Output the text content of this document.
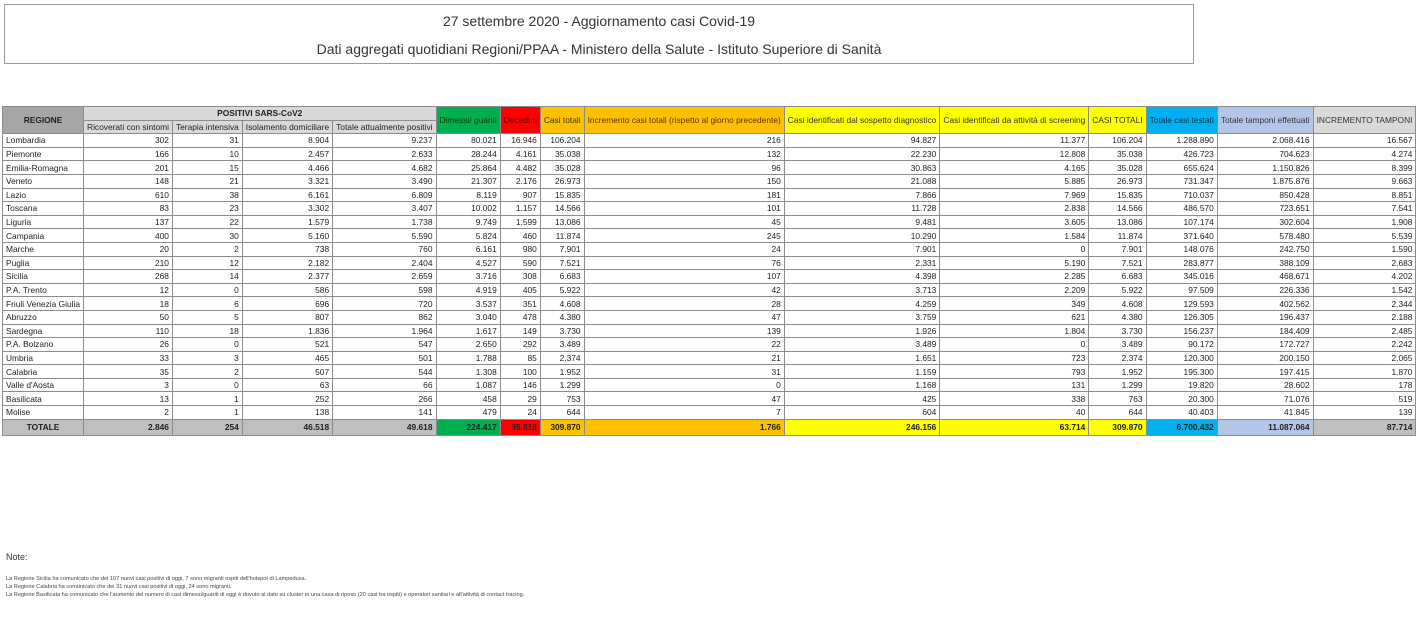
27 settembre 2020 - Aggiornamento casi Covid-19
Dati aggregati quotidiani Regioni/PPAA - Ministero della Salute - Istituto Superiore di Sanità
REGIONE	POSITIVI SARS-CoV2				Dimessi/ guariti	Deceduti	Casi totali	Incremento casi totali (rispetto al giorno precedente)	Casi identificati dal sospetto diagnostico	Casi identificati da attività di screening	CASI TOTALI	Totale casi testati	Totale tamponi effettuati	INCREMENTO TAMPONI
	Ricoverati con sintomi	Terapia intensiva	Isolamento domiciliare	Totale attualmente positivi										
Lombardia	302	31	8.904	9.237	80.021	16.946	106.204	216	94.827	11.377	106.204	1.288.890	2.068.416	16.567
Piemonte	166	10	2.457	2.633	28.244	4.161	35.038	132	22.230	12.808	35.038	426.723	704.623	4.274
Emilia-Romagna	201	15	4.466	4.682	25.864	4.482	35.028	96	30.863	4.165	35.028	655.624	1.150.826	8.399
Veneto	148	21	3.321	3.490	21.307	2.176	26.973	150	21.088	5.885	26.973	731.347	1.875.876	9.663
Lazio	610	38	6.161	6.809	8.119	907	15.835	181	7.866	7.969	15.835	710.037	850.428	8.851
Toscana	83	23	3.302	3.407	10.002	1.157	14.566	101	11.728	2.838	14.566	486.570	723.651	7.541
Liguria	137	22	1.579	1.738	9.749	1.599	13.086	45	9.481	3.605	13.086	107.174	302.604	1.908
Campania	400	30	5.160	5.590	5.824	460	11.874	245	10.290	1.584	11.874	371.640	578.480	5.539
Marche	20	2	738	760	6.161	980	7.901	24	7.901	0	7.901	148.076	242.750	1.590
Puglia	210	12	2.182	2.404	4.527	590	7.521	76	2.331	5.190	7.521	283.877	388.109	2.683
Sicilia	268	14	2.377	2.659	3.716	308	6.683	107	4.398	2.285	6.683	345.016	468.671	4.202
P.A. Trento	12	0	586	598	4.919	405	5.922	42	3.713	2.209	5.922	97.509	226.336	1.542
Friuli Venezia Giulia	18	6	696	720	3.537	351	4.608	28	4.259	349	4.608	129.593	402.562	2.344
Abruzzo	50	5	807	862	3.040	478	4.380	47	3.759	621	4.380	126.305	196.437	2.188
Sardegna	110	18	1.836	1.964	1.617	149	3.730	139	1.926	1.804	3.730	156.237	184.409	2.485
P.A. Bolzano	26	0	521	547	2.650	292	3.489	22	3.489	0	3.489	90.172	172.727	2.242
Umbria	33	3	465	501	1.788	85	2.374	21	1.651	723	2.374	120.300	200.150	2.065
Calabria	35	2	507	544	1.308	100	1.952	31	1.159	793	1.952	195.300	197.415	1.870
Valle d'Aosta	3	0	63	66	1.087	146	1.299	0	1.168	131	1.299	19.820	28.602	178
Basilicata	13	1	252	266	458	29	753	47	425	338	763	20.300	71.076	519
Molise	2	1	138	141	479	24	644	7	604	40	644	40.403	41.845	139
TOTALE	2.846	254	46.518	49.618	224.417	35.818	309.870	1.766	246.156	63.714	309.870	6.700.432	11.087.064	87.714
Note:
La Regione Sicilia ha comunicato che dei 107 nuovi casi positivi di oggi, 7 sono migranti ospiti dell'hotspot di Lampedusa.
La Regione Calabria ha comunicato che dei 31 nuovi casi positivi di oggi, 24 sono migranti.
La Regione Basilicata ha comunicato che l'aumento del numero di casi dimessi/guariti di oggi è dovuto al dato su cluster in una casa di riposo (20 casi tra ospiti) e operatori sanitari e all'attività di contact tracing.
